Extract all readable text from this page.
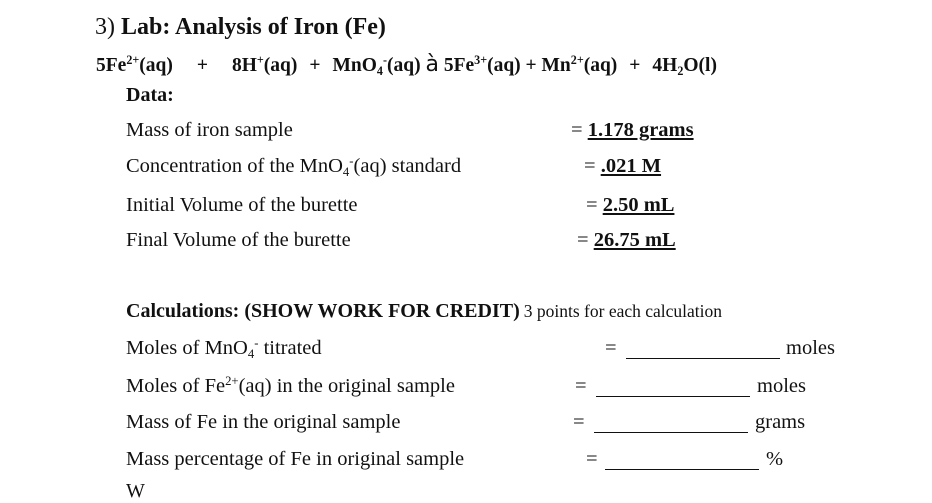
3) Lab: Analysis of Iron (Fe)
$5Fe^{2+}(aq) + 8H^+(aq) + MnO_4^-(aq)$ à $5Fe^{3+}(aq) + Mn^{2+}(aq) + 4H_2O(l)$
Data:
Mass of iron sample	= 1.178 grams
Concentration of the MnO$_4$-(aq) standard	= .021 M
Initial Volume of the burette	= 2.50 mL
Final Volume of the burette	= 26.75 mL
Calculations: (SHOW WORK FOR CREDIT) 3 points for each calculation
Moles of MnO$_4$- titrated	=	moles
Moles of $Fe^{2+}(aq)$ in the original sample	=	moles
Mass of Fe in the original sample	=	grams
Mass percentage of Fe in original sample	=	%
W
